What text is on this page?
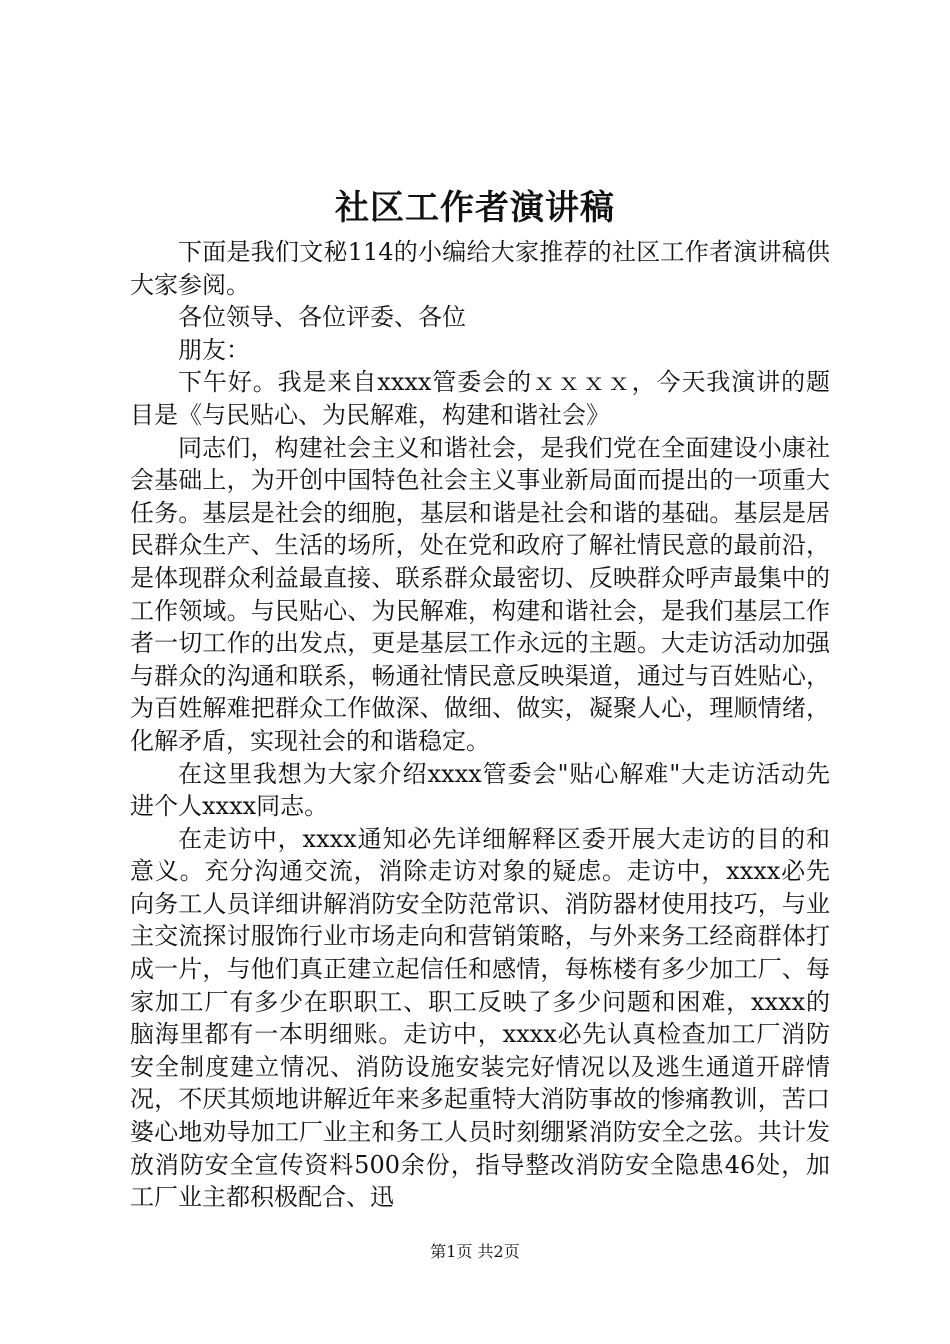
社区工作者演讲稿

下面是我们文秘114的小编给大家推荐的社区工作者演讲稿供大家参阅。

各位领导、各位评委、各位

朋友：

下午好。我是来自xxxx管委会的ｘｘｘｘ，今天我演讲的题目是《与民贴心、为民解难，构建和谐社会》

同志们，构建社会主义和谐社会，是我们党在全面建设小康社会基础上，为开创中国特色社会主义事业新局面而提出的一项重大任务。基层是社会的细胞，基层和谐是社会和谐的基础。基层是居民群众生产、生活的场所，处在党和政府了解社情民意的最前沿，是体现群众利益最直接、联系群众最密切、反映群众呼声最集中的工作领域。与民贴心、为民解难，构建和谐社会，是我们基层工作者一切工作的出发点，更是基层工作永远的主题。大走访活动加强与群众的沟通和联系，畅通社情民意反映渠道，通过与百姓贴心，为百姓解难把群众工作做深、做细、做实，凝聚人心，理顺情绪，化解矛盾，实现社会的和谐稳定。

在这里我想为大家介绍xxxx管委会"贴心解难"大走访活动先进个人xxxx同志。

在走访中，xxxx通知必先详细解释区委开展大走访的目的和意义。充分沟通交流，消除走访对象的疑虑。走访中，xxxx必先向务工人员详细讲解消防安全防范常识、消防器材使用技巧，与业主交流探讨服饰行业市场走向和营销策略，与外来务工经商群体打成一片，与他们真正建立起信任和感情，每栋楼有多少加工厂、每家加工厂有多少在职职工、职工反映了多少问题和困难，xxxx的脑海里都有一本明细账。走访中，xxxx必先认真检查加工厂消防安全制度建立情况、消防设施安装完好情况以及逃生通道开辟情况，不厌其烦地讲解近年来多起重特大消防事故的惨痛教训，苦口婆心地劝导加工厂业主和务工人员时刻绷紧消防安全之弦。共计发放消防安全宣传资料500余份，指导整改消防安全隐患46处，加工厂业主都积极配合、迅

第1页 共2页
